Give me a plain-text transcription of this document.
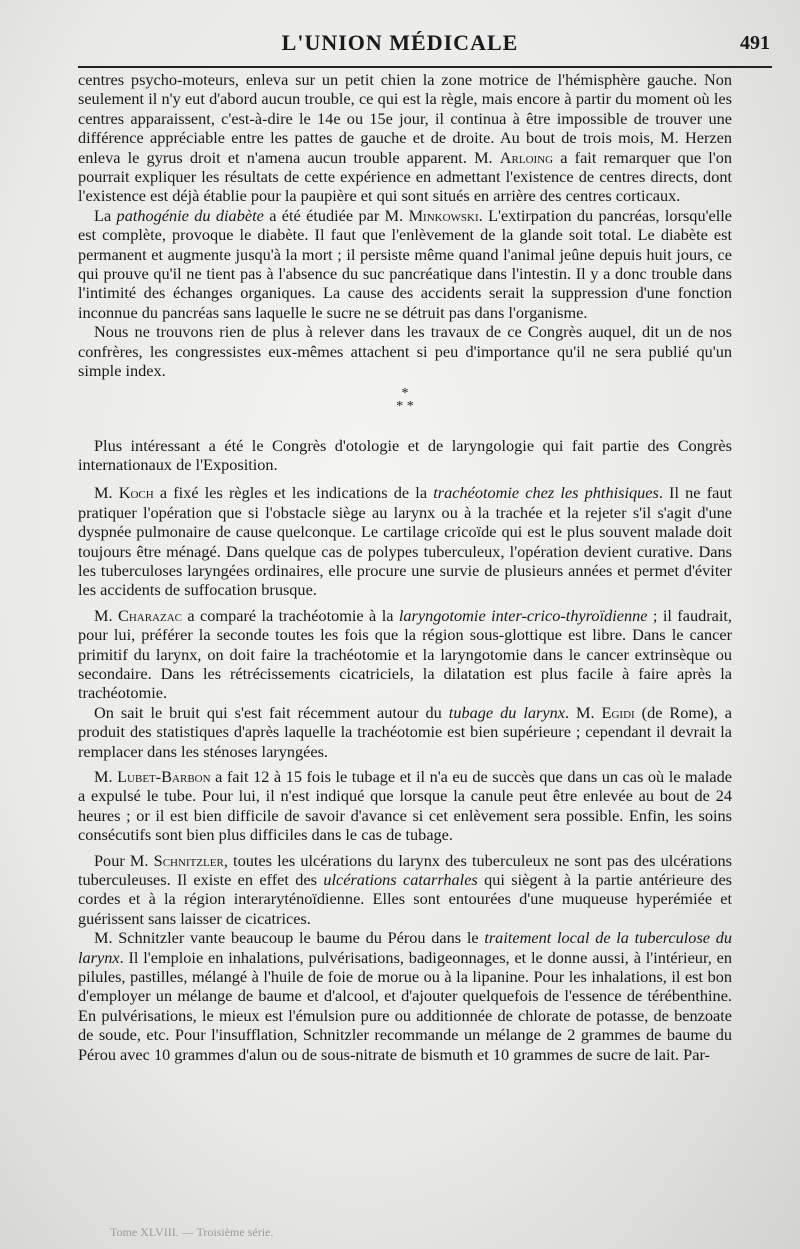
L'UNION MÉDICALE	491

centres psycho-moteurs, enleva sur un petit chien la zone motrice de l'hémisphère gauche. Non seulement il n'y eut d'abord aucun trouble, ce qui est la règle, mais encore à partir du moment où les centres apparaissent, c'est-à-dire le 14e ou 15e jour, il continua à être impossible de trouver une différence appréciable entre les pattes de gauche et de droite. Au bout de trois mois, M. Herzen enleva le gyrus droit et n'amena aucun trouble apparent. M. Arloing a fait remarquer que l'on pourrait expliquer les résultats de cette expérience en admettant l'existence de centres directs, dont l'existence est déjà établie pour la paupière et qui sont situés en arrière des centres corticaux.

La pathogénie du diabète a été étudiée par M. Minkowski. L'extirpation du pancréas, lorsqu'elle est complète, provoque le diabète. Il faut que l'enlèvement de la glande soit total. Le diabète est permanent et augmente jusqu'à la mort ; il persiste même quand l'animal jeûne depuis huit jours, ce qui prouve qu'il ne tient pas à l'absence du suc pancréatique dans l'intestin. Il y a donc trouble dans l'intimité des échanges organiques. La cause des accidents serait la suppression d'une fonction inconnue du pancréas sans laquelle le sucre ne se détruit pas dans l'organisme.

Nous ne trouvons rien de plus à relever dans les travaux de ce Congrès auquel, dit un de nos confrères, les congressistes eux-mêmes attachent si peu d'importance qu'il ne sera publié qu'un simple index.

*
* *

Plus intéressant a été le Congrès d'otologie et de laryngologie qui fait partie des Congrès internationaux de l'Exposition.

M. Koch a fixé les règles et les indications de la trachéotomie chez les phthisiques. Il ne faut pratiquer l'opération que si l'obstacle siège au larynx ou à la trachée et la rejeter s'il s'agit d'une dyspnée pulmonaire de cause quelconque. Le cartilage cricoïde qui est le plus souvent malade doit toujours être ménagé. Dans quelque cas de polypes tuberculeux, l'opération devient curative. Dans les tuberculoses laryngées ordinaires, elle procure une survie de plusieurs années et permet d'éviter les accidents de suffocation brusque.

M. Charazac a comparé la trachéotomie à la laryngotomie inter-crico-thyroïdienne ; il faudrait, pour lui, préférer la seconde toutes les fois que la région sous-glottique est libre. Dans le cancer primitif du larynx, on doit faire la trachéotomie et la laryngotomie dans le cancer extrinsèque ou secondaire. Dans les rétrécissements cicatriciels, la dilatation est plus facile à faire après la trachéotomie.

On sait le bruit qui s'est fait récemment autour du tubage du larynx. M. Egidi (de Rome), a produit des statistiques d'après laquelle la trachéotomie est bien supérieure ; cependant il devrait la remplacer dans les sténoses laryngées.

M. Lubet-Barbon a fait 12 à 15 fois le tubage et il n'a eu de succès que dans un cas où le malade a expulsé le tube. Pour lui, il n'est indiqué que lorsque la canule peut être enlevée au bout de 24 heures ; or il est bien difficile de savoir d'avance si cet enlèvement sera possible. Enfin, les soins consécutifs sont bien plus difficiles dans le cas de tubage.

Pour M. Schnitzler, toutes les ulcérations du larynx des tuberculeux ne sont pas des ulcérations tuberculeuses. Il existe en effet des ulcérations catarrhales qui siègent à la partie antérieure des cordes et à la région interaryténoïdienne. Elles sont entourées d'une muqueuse hyperémiée et guérissent sans laisser de cicatrices.

M. Schnitzler vante beaucoup le baume du Pérou dans le traitement local de la tuberculose du larynx. Il l'emploie en inhalations, pulvérisations, badigeonnages, et le donne aussi, à l'intérieur, en pilules, pastilles, mélangé à l'huile de foie de morue ou à la lipanine. Pour les inhalations, il est bon d'employer un mélange de baume et d'alcool, et d'ajouter quelquefois de l'essence de térébenthine. En pulvérisations, le mieux est l'émulsion pure ou additionnée de chlorate de potasse, de benzoate de soude, etc. Pour l'insufflation, Schnitzler recommande un mélange de 2 grammes de baume du Pérou avec 10 grammes d'alun ou de sous-nitrate de bismuth et 10 grammes de sucre de lait. Par-

Tome XLVIII. — Troisième série.
